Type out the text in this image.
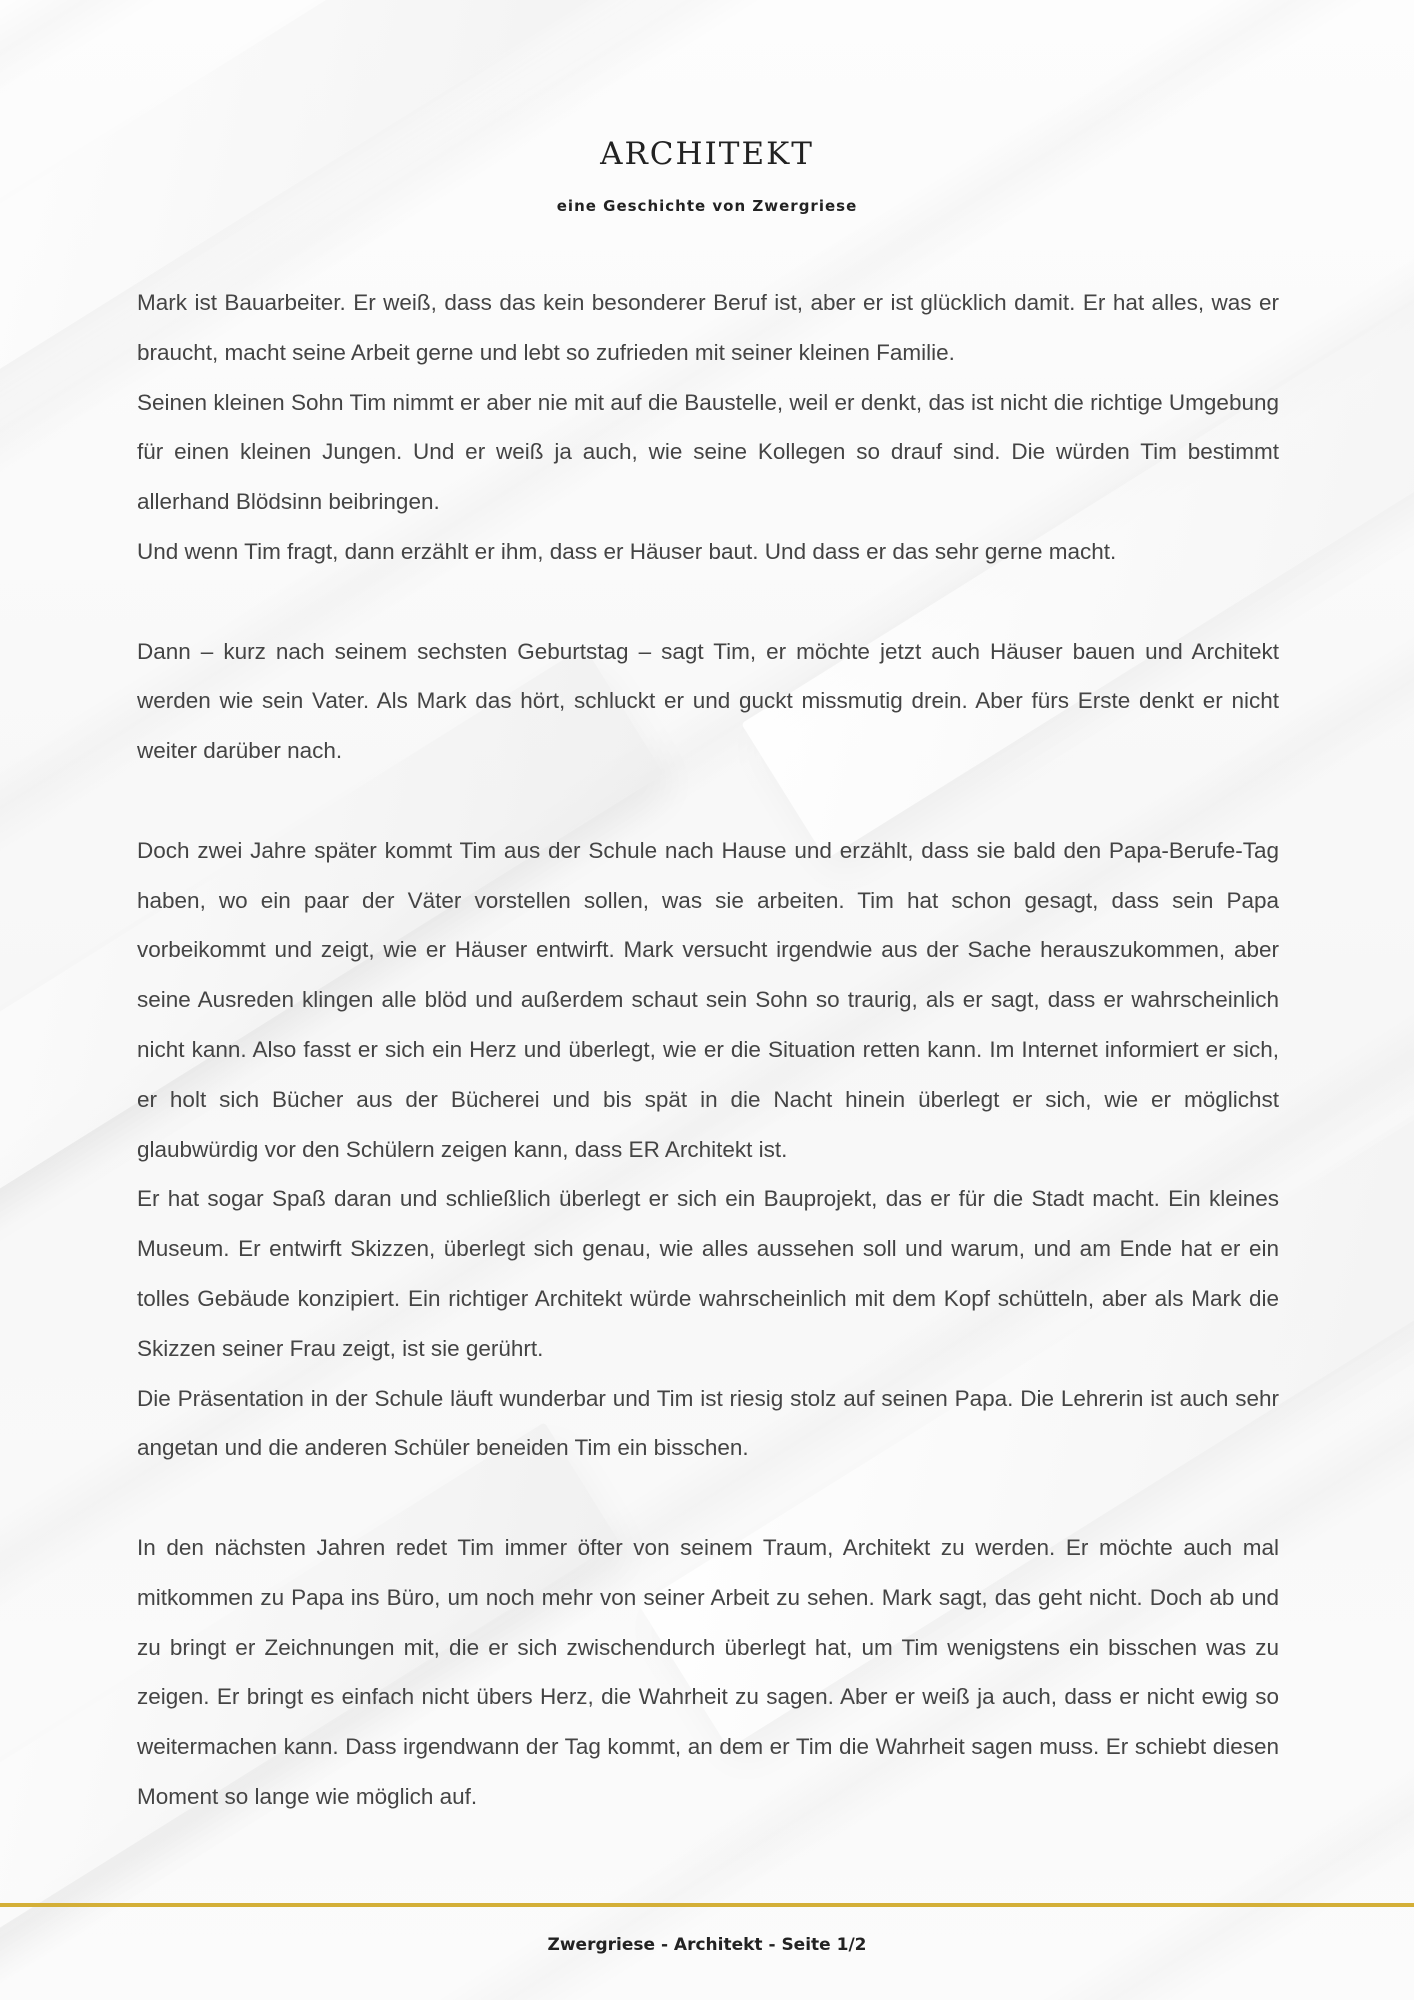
ARCHITEKT
eine Geschichte von Zwergriese

Mark ist Bauarbeiter. Er weiß, dass das kein besonderer Beruf ist, aber er ist glücklich damit. Er hat alles, was er braucht, macht seine Arbeit gerne und lebt so zufrieden mit seiner kleinen Familie.

Seinen kleinen Sohn Tim nimmt er aber nie mit auf die Baustelle, weil er denkt, das ist nicht die richtige Umgebung für einen kleinen Jungen. Und er weiß ja auch, wie seine Kollegen so drauf sind. Die würden Tim bestimmt allerhand Blödsinn beibringen.

Und wenn Tim fragt, dann erzählt er ihm, dass er Häuser baut. Und dass er das sehr gerne macht.

Dann – kurz nach seinem sechsten Geburtstag – sagt Tim, er möchte jetzt auch Häuser bauen und Architekt werden wie sein Vater. Als Mark das hört, schluckt er und guckt missmutig drein. Aber fürs Erste denkt er nicht weiter darüber nach.

Doch zwei Jahre später kommt Tim aus der Schule nach Hause und erzählt, dass sie bald den Papa-Berufe-Tag haben, wo ein paar der Väter vorstellen sollen, was sie arbeiten. Tim hat schon gesagt, dass sein Papa vorbeikommt und zeigt, wie er Häuser entwirft. Mark versucht irgendwie aus der Sache herauszukommen, aber seine Ausreden klingen alle blöd und außerdem schaut sein Sohn so traurig, als er sagt, dass er wahrscheinlich nicht kann. Also fasst er sich ein Herz und überlegt, wie er die Situation retten kann. Im Internet informiert er sich, er holt sich Bücher aus der Bücherei und bis spät in die Nacht hinein überlegt er sich, wie er möglichst glaubwürdig vor den Schülern zeigen kann, dass ER Architekt ist.

Er hat sogar Spaß daran und schließlich überlegt er sich ein Bauprojekt, das er für die Stadt macht. Ein kleines Museum. Er entwirft Skizzen, überlegt sich genau, wie alles aussehen soll und warum, und am Ende hat er ein tolles Gebäude konzipiert. Ein richtiger Architekt würde wahrscheinlich mit dem Kopf schütteln, aber als Mark die Skizzen seiner Frau zeigt, ist sie gerührt.

Die Präsentation in der Schule läuft wunderbar und Tim ist riesig stolz auf seinen Papa. Die Lehrerin ist auch sehr angetan und die anderen Schüler beneiden Tim ein bisschen.

In den nächsten Jahren redet Tim immer öfter von seinem Traum, Architekt zu werden. Er möchte auch mal mitkommen zu Papa ins Büro, um noch mehr von seiner Arbeit zu sehen. Mark sagt, das geht nicht. Doch ab und zu bringt er Zeichnungen mit, die er sich zwischendurch überlegt hat, um Tim wenigstens ein bisschen was zu zeigen. Er bringt es einfach nicht übers Herz, die Wahrheit zu sagen. Aber er weiß ja auch, dass er nicht ewig so weitermachen kann. Dass irgendwann der Tag kommt, an dem er Tim die Wahrheit sagen muss. Er schiebt diesen Moment so lange wie möglich auf.

Zwergriese - Architekt - Seite 1/2
